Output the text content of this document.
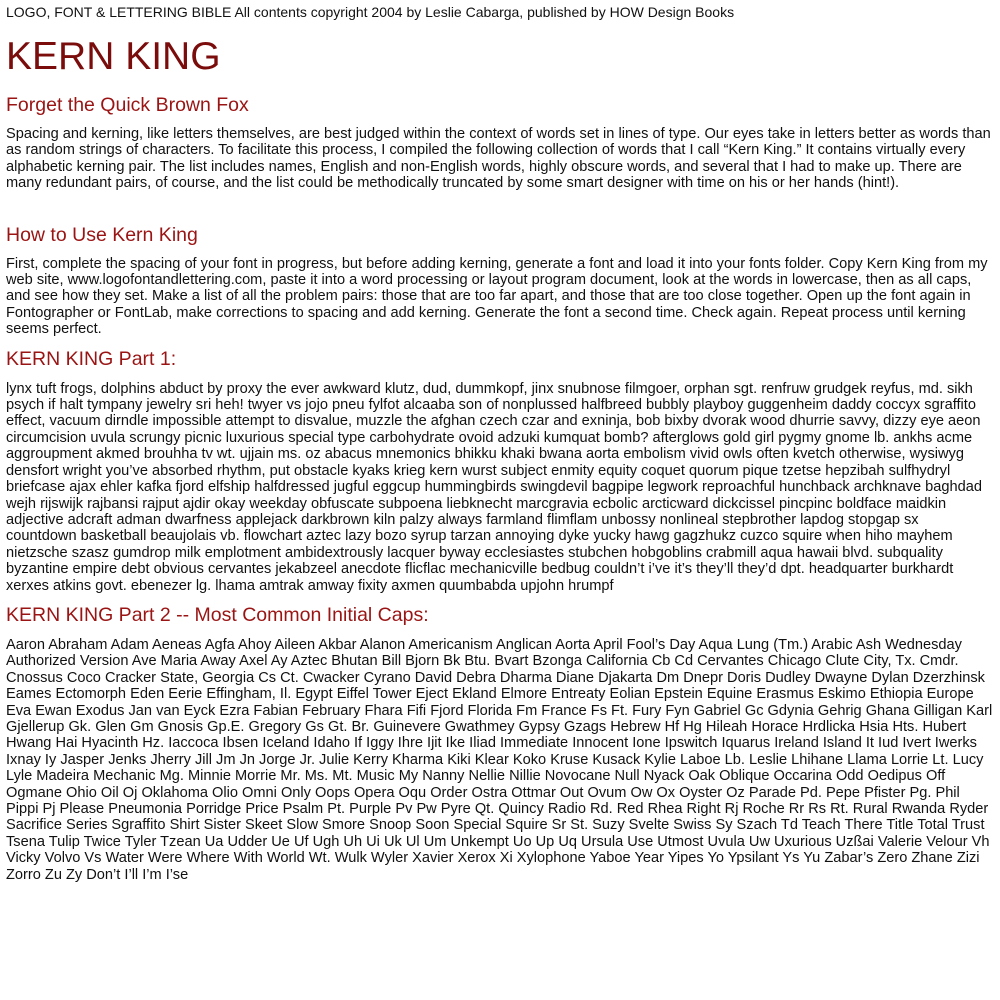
LOGO, FONT & LETTERING BIBLE All contents copyright 2004 by Leslie Cabarga, published by HOW Design Books

KERN KING
Forget the Quick Brown Fox

Spacing and kerning, like letters themselves, are best judged within the context of words set in lines of type. Our eyes take in letters better as words than as random strings of characters. To facilitate this process, I compiled the following collection of words that I call “Kern King.” It contains virtually every alphabetic kerning pair. The list includes names, English and non-English words, highly obscure words, and several that I had to make up. There are many redundant pairs, of course, and the list could be methodically truncated by some smart designer with time on his or her hands (hint!).

How to Use Kern King

First, complete the spacing of your font in progress, but before adding kerning, generate a font and load it into your fonts folder. Copy Kern King from my web site, www.logofontandlettering.com, paste it into a word processing or layout program document, look at the words in lowercase, then as all caps, and see how they set. Make a list of all the problem pairs: those that are too far apart, and those that are too close together. Open up the font again in Fontographer or FontLab, make corrections to spacing and add kerning. Generate the font a second time. Check again. Repeat process until kerning seems perfect.

KERN KING Part 1:

lynx tuft frogs, dolphins abduct by proxy the ever awkward klutz, dud, dummkopf, jinx snubnose filmgoer, orphan sgt. renfruw grudgek reyfus, md. sikh psych if halt tympany jewelry sri heh! twyer vs jojo pneu fylfot alcaaba son of nonplussed halfbreed bubbly playboy guggenheim daddy coccyx sgraffito effect, vacuum dirndle impossible attempt to disvalue, muzzle the afghan czech czar and exninja, bob bixby dvorak wood dhurrie savvy, dizzy eye aeon circumcision uvula scrungy picnic luxurious special type carbohydrate ovoid adzuki kumquat bomb? afterglows gold girl pygmy gnome lb. ankhs acme aggroupment akmed brouhha tv wt. ujjain ms. oz abacus mnemonics bhikku khaki bwana aorta embolism vivid owls often kvetch otherwise, wysiwyg densfort wright you’ve absorbed rhythm, put obstacle kyaks krieg kern wurst subject enmity equity coquet quorum pique tzetse hepzibah sulfhydryl briefcase ajax ehler kafka fjord elfship halfdressed jugful eggcup hummingbirds swingdevil bagpipe legwork reproachful hunchback archknave baghdad wejh rijswijk rajbansi rajput ajdir okay weekday obfuscate subpoena liebknecht marcgravia ecbolic arcticward dickcissel pincpinc boldface maidkin adjective adcraft adman dwarfness applejack darkbrown kiln palzy always farmland flimflam unbossy nonlineal stepbrother lapdog stopgap sx countdown basketball beaujolais vb. flowchart aztec lazy bozo syrup tarzan annoying dyke yucky hawg gagzhukz cuzco squire when hiho mayhem nietzsche szasz gumdrop milk emplotment ambidextrously lacquer byway ecclesiastes stubchen hobgoblins crabmill aqua hawaii blvd. subquality byzantine empire debt obvious cervantes jekabzeel anecdote flicflac mechanicville bedbug couldn’t i’ve it’s they’ll they’d dpt. headquarter burkhardt xerxes atkins govt. ebenezer lg. lhama amtrak amway fixity axmen quumbabda upjohn hrumpf

KERN KING Part 2 -- Most Common Initial Caps:

Aaron Abraham Adam Aeneas Agfa Ahoy Aileen Akbar Alanon Americanism Anglican Aorta April Fool’s Day Aqua Lung (Tm.) Arabic Ash Wednesday Authorized Version Ave Maria Away Axel Ay Aztec Bhutan Bill Bjorn Bk Btu. Bvart Bzonga California Cb Cd Cervantes Chicago Clute City, Tx. Cmdr. Cnossus Coco Cracker State, Georgia Cs Ct. Cwacker Cyrano David Debra Dharma Diane Djakarta Dm Dnepr Doris Dudley Dwayne Dylan Dzerzhinsk Eames Ectomorph Eden Eerie Effingham, Il. Egypt Eiffel Tower Eject Ekland Elmore Entreaty Eolian Epstein Equine Erasmus Eskimo Ethiopia Europe Eva Ewan Exodus Jan van Eyck Ezra Fabian February Fhara Fifi Fjord Florida Fm France Fs Ft. Fury Fyn Gabriel Gc Gdynia Gehrig Ghana Gilligan Karl Gjellerup Gk. Glen Gm Gnosis Gp.E. Gregory Gs Gt. Br. Guinevere Gwathmey Gypsy Gzags Hebrew Hf Hg Hileah Horace Hrdlicka Hsia Hts. Hubert Hwang Hai Hyacinth Hz. Iaccoca Ibsen Iceland Idaho If Iggy Ihre Ijit Ike Iliad Immediate Innocent Ione Ipswitch Iquarus Ireland Island It Iud Ivert Iwerks Ixnay Iy Jasper Jenks Jherry Jill Jm Jn Jorge Jr. Julie Kerry Kharma Kiki Klear Koko Kruse Kusack Kylie Laboe Lb. Leslie Lhihane Llama Lorrie Lt. Lucy Lyle Madeira Mechanic Mg. Minnie Morrie Mr. Ms. Mt. Music My Nanny Nellie Nillie Novocane Null Nyack Oak Oblique Occarina Odd Oedipus Off Ogmane Ohio Oil Oj Oklahoma Olio Omni Only Oops Opera Oqu Order Ostra Ottmar Out Ovum Ow Ox Oyster Oz Parade Pd. Pepe Pfister Pg. Phil Pippi Pj Please Pneumonia Porridge Price Psalm Pt. Purple Pv Pw Pyre Qt. Quincy Radio Rd. Red Rhea Right Rj Roche Rr Rs Rt. Rural Rwanda Ryder Sacrifice Series Sgraffito Shirt Sister Skeet Slow Smore Snoop Soon Special Squire Sr St. Suzy Svelte Swiss Sy Szach Td Teach There Title Total Trust Tsena Tulip Twice Tyler Tzean Ua Udder Ue Uf Ugh Uh Ui Uk Ul Um Unkempt Uo Up Uq Ursula Use Utmost Uvula Uw Uxurious Uzßai Valerie Velour Vh Vicky Volvo Vs Water Were Where With World Wt. Wulk Wyler Xavier Xerox Xi Xylophone Yaboe Year Yipes Yo Ypsilant Ys Yu Zabar’s Zero Zhane Zizi Zorro Zu Zy Don’t I’ll I’m I’se
